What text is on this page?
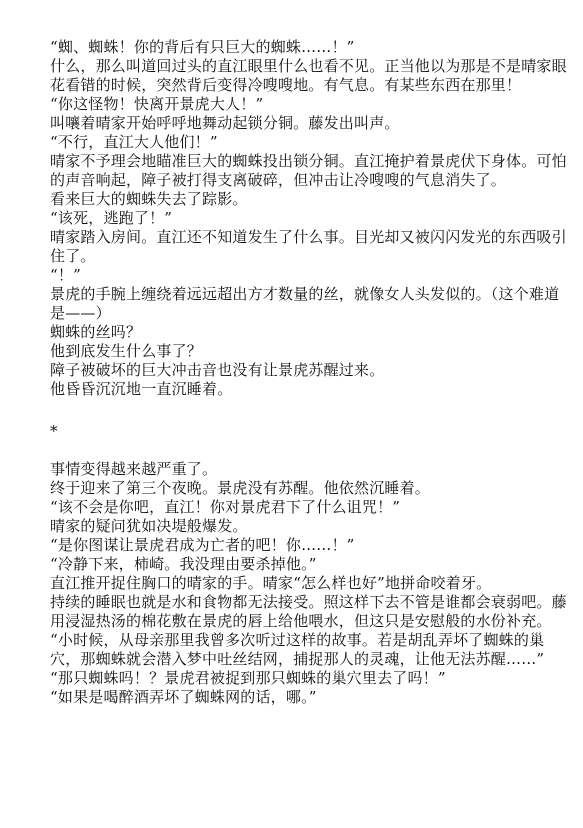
“蜘、蜘蛛！你的背后有只巨大的蜘蛛……！”

什么，那么叫道回过头的直江眼里什么也看不见。正当他以为那是不是晴家眼花看错的时候，突然背后变得冷嗖嗖地。有气息。有某些东西在那里！

“你这怪物！快离开景虎大人！”

叫嚷着晴家开始呼呼地舞动起锁分铜。藤发出叫声。

“不行，直江大人他们！”

晴家不予理会地瞄准巨大的蜘蛛投出锁分铜。直江掩护着景虎伏下身体。可怕的声音响起，障子被打得支离破碎，但冲击让冷嗖嗖的气息消失了。

看来巨大的蜘蛛失去了踪影。

“该死，逃跑了！”

晴家踏入房间。直江还不知道发生了什么事。目光却又被闪闪发光的东西吸引住了。

“！”

景虎的手腕上缠绕着远远超出方才数量的丝，就像女人头发似的。（这个难道是——）

蜘蛛的丝吗？

他到底发生什么事了？

障子被破坏的巨大冲击音也没有让景虎苏醒过来。

他昏昏沉沉地一直沉睡着。

*

事情变得越来越严重了。

终于迎来了第三个夜晚。景虎没有苏醒。他依然沉睡着。

“该不会是你吧，直江！你对景虎君下了什么诅咒！”

晴家的疑问犹如决堤般爆发。

“是你图谋让景虎君成为亡者的吧！你……！”

“冷静下来，柿崎。我没理由要杀掉他。”

直江推开捉住胸口的晴家的手。晴家“怎么样也好”地拼命咬着牙。

持续的睡眠也就是水和食物都无法接受。照这样下去不管是谁都会衰弱吧。藤用浸湿热汤的棉花敷在景虎的唇上给他喂水，但这只是安慰般的水份补充。

“小时候，从母亲那里我曾多次听过这样的故事。若是胡乱弄坏了蜘蛛的巢穴，那蜘蛛就会潜入梦中吐丝结网，捕捉那人的灵魂，让他无法苏醒……”

“那只蜘蛛吗！？景虎君被捉到那只蜘蛛的巢穴里去了吗！”

“如果是喝醉酒弄坏了蜘蛛网的话，哪。”
